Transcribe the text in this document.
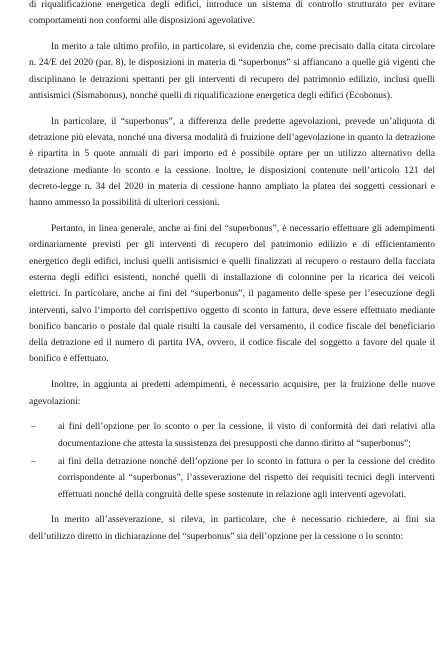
di riqualificazione energetica degli edifici, introduce un sistema di controllo strutturato per evitare comportamenti non conformi alle disposizioni agevolative.

In merito a tale ultimo profilo, in particolare, si evidenzia che, come precisato dalla citata circolare n. 24/E del 2020 (par. 8), le disposizioni in materia di “superbonus” si affiancano a quelle già vigenti che disciplinano le detrazioni spettanti per gli interventi di recupero del patrimonio edilizio, inclusi quelli antisismici (Sismabonus), nonché quelli di riqualificazione energetica degli edifici (Ecobonus).

In particolare, il “superbonus”, a differenza delle predette agevolazioni, prevede un’aliquota di detrazione più elevata, nonché una diversa modalità di fruizione dell’agevolazione in quanto la detrazione è ripartita in 5 quote annuali di pari importo ed è possibile optare per un utilizzo alternativo della detrazione mediante lo sconto e la cessione. Inoltre, le disposizioni contenute nell’articolo 121 del decreto-legge n. 34 del 2020 in materia di cessione hanno ampliato la platea dei soggetti cessionari e hanno ammesso la possibilità di ulteriori cessioni.

Pertanto, in linea generale, anche ai fini del “superbonus”, è necessario effettuare gli adempimenti ordinariamente previsti per gli interventi di recupero del patrimonio edilizio e di efficientamento energetico degli edifici, inclusi quelli antisismici e quelli finalizzati al recupero o restauro della facciata esterna degli edifici esistenti, nonché quelli di installazione di colonnine per la ricarica dei veicoli elettrici. In particolare, anche ai fini del “superbonus”, il pagamento delle spese per l’esecuzione degli interventi, salvo l’importo del corrispettivo oggetto di sconto in fattura, deve essere effettuato mediante bonifico bancario o postale dal quale risulti la causale del versamento, il codice fiscale del beneficiario della detrazione ed il numero di partita IVA, ovvero, il codice fiscale del soggetto a favore del quale il bonifico è effettuato.

Inoltre, in aggiunta ai predetti adempimenti, è necessario acquisire, per la fruizione delle nuove agevolazioni:

–	ai fini dell’opzione per lo sconto o per la cessione, il visto di conformità dei dati relativi alla documentazione che attesta la sussistenza dei presupposti che danno diritto al “superbonus”;
–	ai fini della detrazione nonché dell’opzione per lo sconto in fattura o per la cessione del credito corrispondente al “superbonus”, l’asseverazione del rispetto dei requisiti tecnici degli interventi effettuati nonché della congruità delle spese sostenute in relazione agli interventi agevolati.

In merito all’asseverazione, si rileva, in particolare, che è necessario richiedere, ai fini sia dell’utilizzo diretto in dichiarazione del “superbonus” sia dell’opzione per la cessione o lo sconto:
